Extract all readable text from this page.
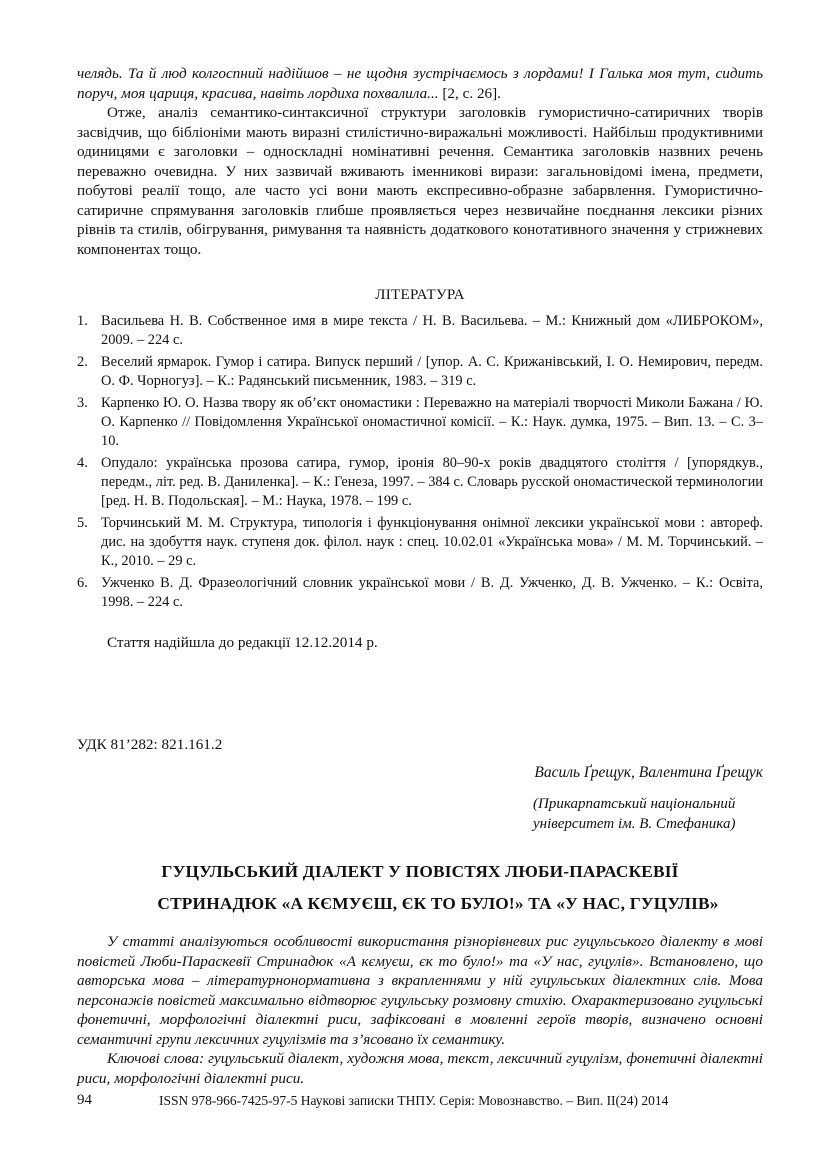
челядь. Та й люд колгоспний надійшов – не щодня зустрічаємось з лордами! І Галька моя тут, сидить поруч, моя цариця, красива, навіть лордиха похвалила... [2, с. 26].

Отже, аналіз семантико-синтаксичної структури заголовків гумористично-сатиричних творів засвідчив, що бібліоніми мають виразні стилістично-виражальні можливості. Найбільш продуктивними одиницями є заголовки – односкладні номінативні речення. Семантика заголовків назвних речень переважно очевидна. У них зазвичай вживають іменникові вирази: загальновідомі імена, предмети, побутові реалії тощо, але часто усі вони мають експресивно-образне забарвлення. Гумористично-сатиричне спрямування заголовків глибше проявляється через незвичайне поєднання лексики різних рівнів та стилів, обігрування, римування та наявність додаткового конотативного значення у стрижневих компонентах тощо.

ЛІТЕРАТУРА

1. Васильева Н. В. Собственное имя в мире текста / Н. В. Васильева. – М.: Книжный дом «ЛИБРОКОМ», 2009. – 224 с.
2. Веселий ярмарок. Гумор і сатира. Випуск перший / [упор. А. С. Крижанівський, І. О. Немирович, передм. О. Ф. Чорногуз]. – К.: Радянський письменник, 1983. – 319 с.
3. Карпенко Ю. О. Назва твору як об’єкт ономастики : Переважно на матеріалі творчості Миколи Бажана / Ю. О. Карпенко // Повідомлення Української ономастичної комісії. – К.: Наук. думка, 1975. – Вип. 13. – С. 3–10.
4. Опудало: українська прозова сатира, гумор, іронія 80–90-х років двадцятого століття / [упорядкув., передм., літ. ред. В. Даниленка]. – К.: Генеза, 1997. – 384 с. Словарь русской ономастической терминологии [ред. Н. В. Подольская]. – М.: Наука, 1978. – 199 с.
5. Торчинський М. М. Структура, типологія і функціонування онімної лексики української мови : автореф. дис. на здобуття наук. ступеня док. філол. наук : спец. 10.02.01 «Українська мова» / М. М. Торчинський. – К., 2010. – 29 с.
6. Ужченко В. Д. Фразеологічний словник української мови / В. Д. Ужченко, Д. В. Ужченко. – К.: Освіта, 1998. – 224 с.

Стаття надійшла до редакції 12.12.2014 р.

УДК 81’282: 821.161.2

Василь Ґрещук, Валентина Ґрещук

(Прикарпатський національний
університет ім. В. Стефаника)

ГУЦУЛЬСЬКИЙ ДІАЛЕКТ У ПОВІСТЯХ ЛЮБИ-ПАРАСКЕВІЇ
СТРИНАДЮК «А КЄМУЄШ, ЄК ТО БУЛО!» ТА «У НАС, ГУЦУЛІВ»

У статті аналізуються особливості використання різнорівневих рис гуцульського діалекту в мові повістей Люби-Параскевії Стринадюк «А кємуєш, єк то було!» та «У нас, гуцулів». Встановлено, що авторська мова – літературнонормативна з вкрапленнями у ній гуцульських діалектних слів. Мова персонажів повістей максимально відтворює гуцульську розмовну стихію. Охарактеризовано гуцульські фонетичні, морфологічні діалектні риси, зафіксовані в мовленні героїв творів, визначено основні семантичні групи лексичних гуцулізмів та з’ясовано їх семантику.

Ключові слова: гуцульський діалект, художня мова, текст, лексичний гуцулізм, фонетичні діалектні риси, морфологічні діалектні риси.

94	ISSN 978-966-7425-97-5 Наукові записки ТНПУ. Серія: Мовознавство. – Вип. ІІ(24) 2014
